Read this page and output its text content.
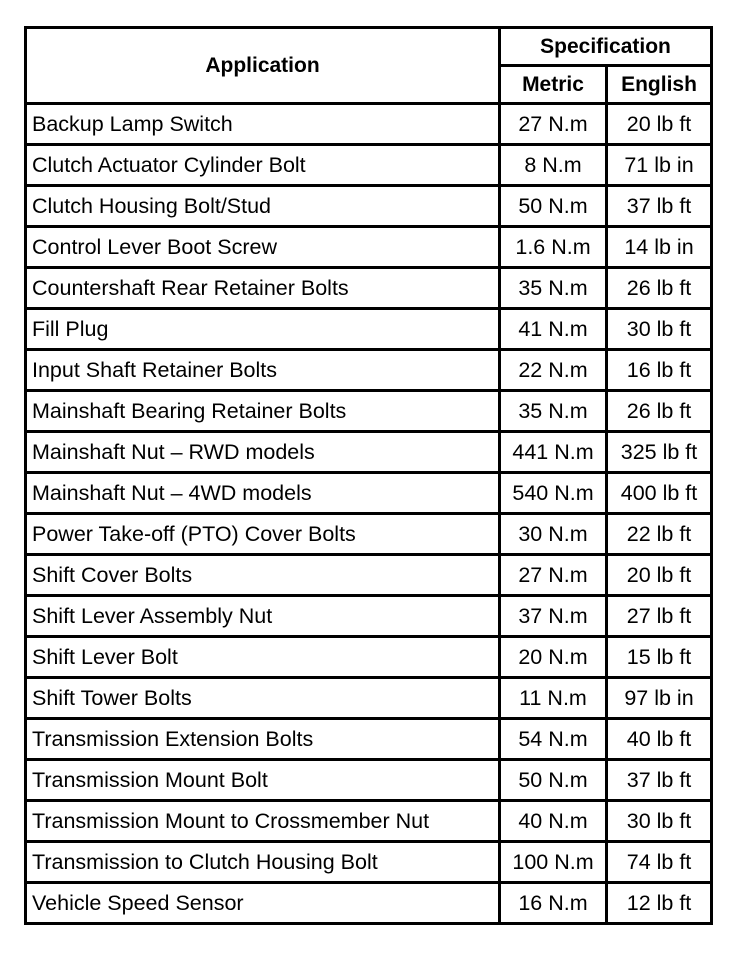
Application	Specification	
	Metric	English
Backup Lamp Switch	27 N.m	20 lb ft
Clutch Actuator Cylinder Bolt	8 N.m	71 lb in
Clutch Housing Bolt/Stud	50 N.m	37 lb ft
Control Lever Boot Screw	1.6 N.m	14 lb in
Countershaft Rear Retainer Bolts	35 N.m	26 lb ft
Fill Plug	41 N.m	30 lb ft
Input Shaft Retainer Bolts	22 N.m	16 lb ft
Mainshaft Bearing Retainer Bolts	35 N.m	26 lb ft
Mainshaft Nut – RWD models	441 N.m	325 lb ft
Mainshaft Nut – 4WD models	540 N.m	400 lb ft
Power Take-off (PTO) Cover Bolts	30 N.m	22 lb ft
Shift Cover Bolts	27 N.m	20 lb ft
Shift Lever Assembly Nut	37 N.m	27 lb ft
Shift Lever Bolt	20 N.m	15 lb ft
Shift Tower Bolts	11 N.m	97 lb in
Transmission Extension Bolts	54 N.m	40 lb ft
Transmission Mount Bolt	50 N.m	37 lb ft
Transmission Mount to Crossmember Nut	40 N.m	30 lb ft
Transmission to Clutch Housing Bolt	100 N.m	74 lb ft
Vehicle Speed Sensor	16 N.m	12 lb ft
